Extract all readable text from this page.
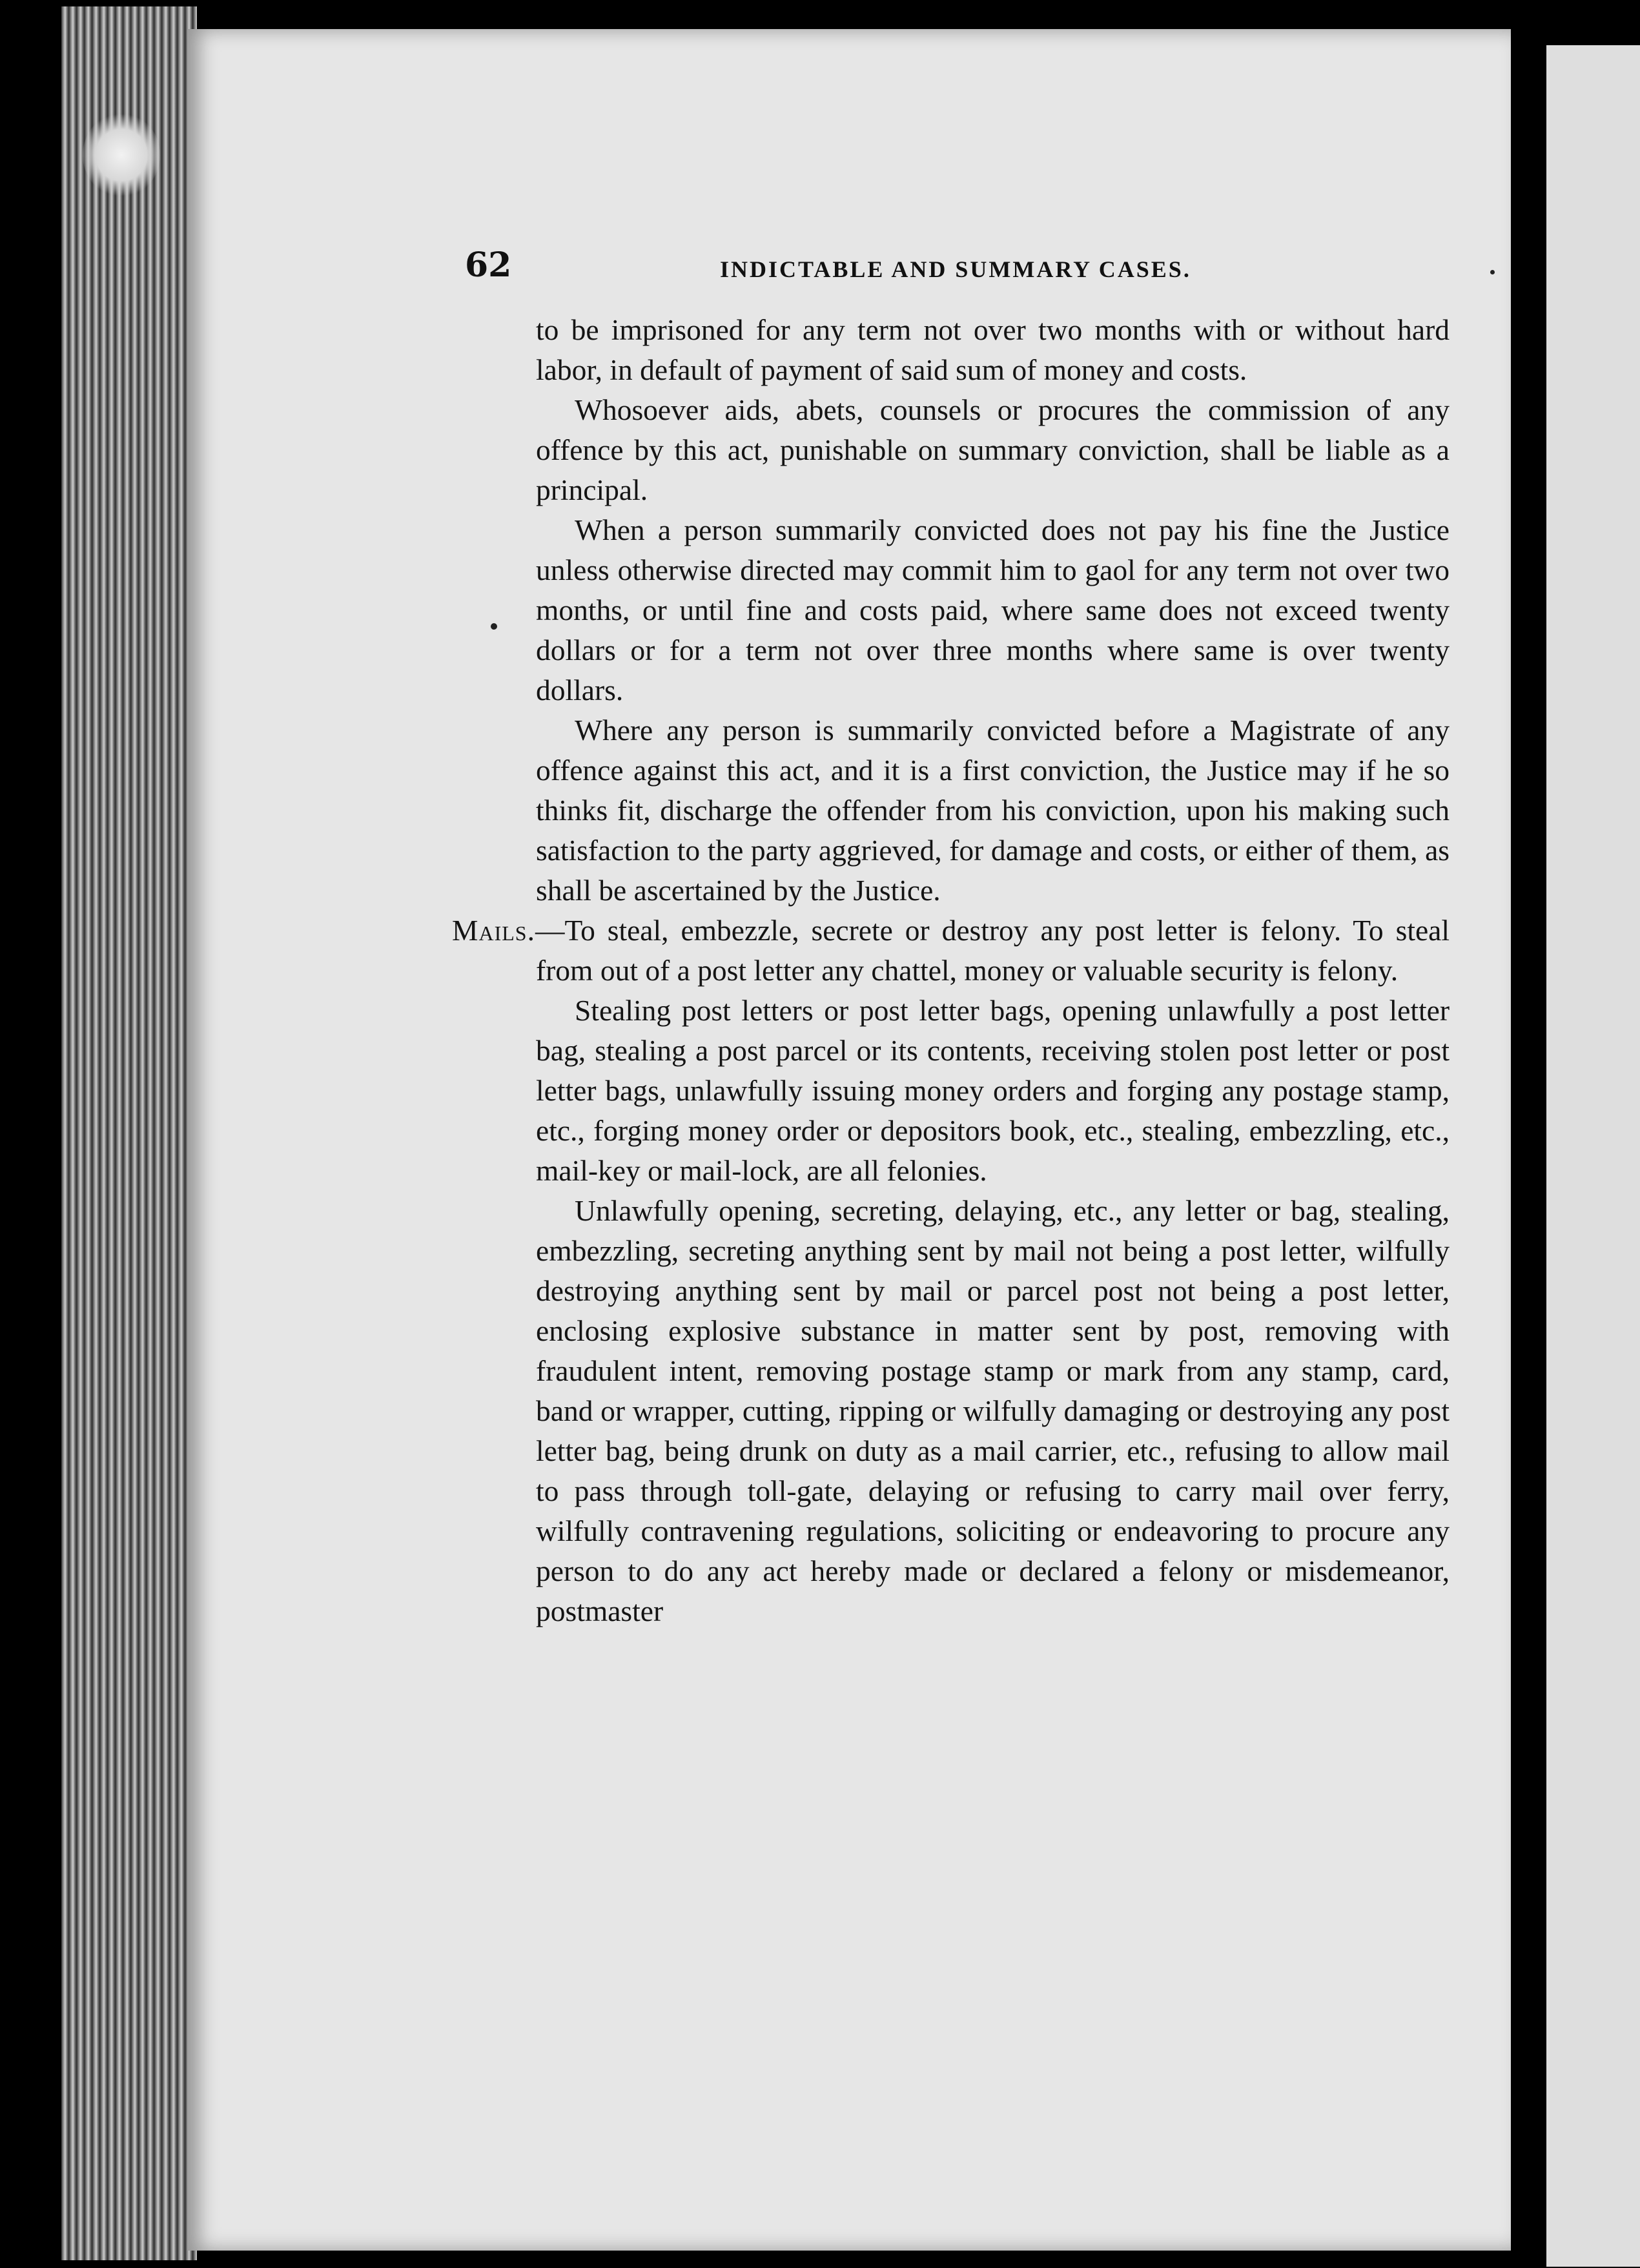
62	INDICTABLE AND SUMMARY CASES.

to be imprisoned for any term not over two months with or without hard labor, in default of payment of said sum of money and costs.

Whosoever aids, abets, counsels or procures the commission of any offence by this act, punishable on summary conviction, shall be liable as a principal.

When a person summarily convicted does not pay his fine the Justice unless otherwise directed may commit him to gaol for any term not over two months, or until fine and costs paid, where same does not exceed twenty dollars or for a term not over three months where same is over twenty dollars.

Where any person is summarily convicted before a Magistrate of any offence against this act, and it is a first conviction, the Justice may if he so thinks fit, discharge the offender from his conviction, upon his making such satisfaction to the party aggrieved, for damage and costs, or either of them, as shall be ascertained by the Justice.

Mails.—To steal, embezzle, secrete or destroy any post letter is felony. To steal from out of a post letter any chattel, money or valuable security is felony.

Stealing post letters or post letter bags, opening unlawfully a post letter bag, stealing a post parcel or its contents, receiving stolen post letter or post letter bags, unlawfully issuing money orders and forging any postage stamp, etc., forging money order or depositors book, etc., stealing, embezzling, etc., mail-key or mail-lock, are all felonies.

Unlawfully opening, secreting, delaying, etc., any letter or bag, stealing, embezzling, secreting anything sent by mail not being a post letter, wilfully destroying anything sent by mail or parcel post not being a post letter, enclosing explosive substance in matter sent by post, removing with fraudulent intent, removing postage stamp or mark from any stamp, card, band or wrapper, cutting, ripping or wilfully damaging or destroying any post letter bag, being drunk on duty as a mail carrier, etc., refusing to allow mail to pass through toll-gate, delaying or refusing to carry mail over ferry, wilfully contravening regulations, soliciting or endeavoring to procure any person to do any act hereby made or declared a felony or misdemeanor, postmaster
